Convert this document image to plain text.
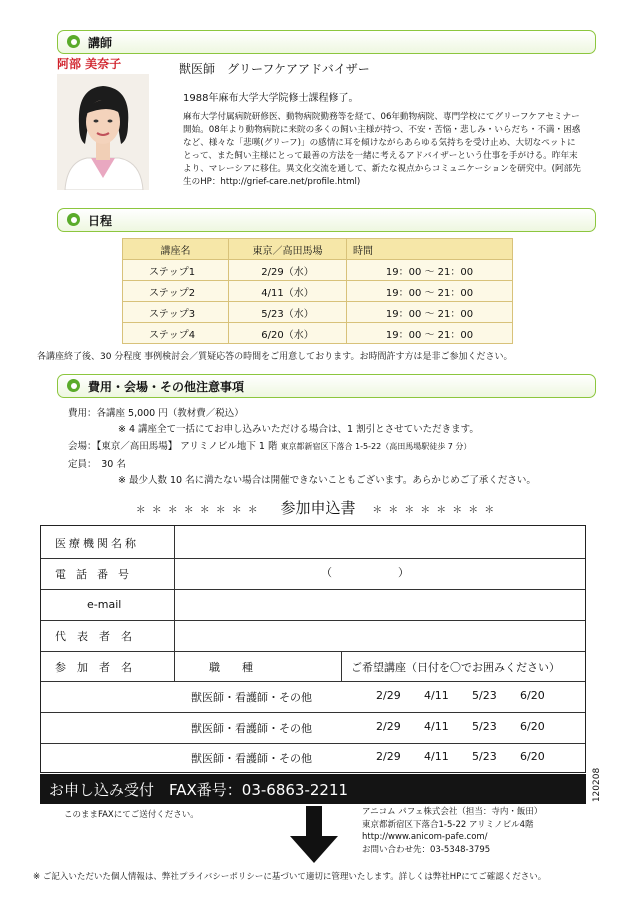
講師
阿部 美奈子	獣医師　グリーフケアアドバイザー
1988年麻布大学大学院修士課程修了。
麻布大学付属病院研修医、動物病院勤務等を経て、06年動物病院、専門学校にてグリーフケアセミナー開始。08年より動物病院に来院の多くの飼い主様が持つ、不安・苦悩・悲しみ・いらだち・不満・困惑など、様々な「悲嘆(グリーフ)」の感情に耳を傾けながらあらゆる気持ちを受け止め、大切なペットにとって、また飼い主様にとって最善の方法を一緒に考えるアドバイザーという仕事を手がける。昨年末より、マレーシアに移住。異文化交流を通して、新たな視点からコミュニケーションを研究中。(阿部先生のHP：http://grief-care.net/profile.html)
日程
講座名	東京／高田馬場	時間
ステップ1	2/29（水）	19：00 ～ 21：00
ステップ2	4/11（水）	19：00 ～ 21：00
ステップ3	5/23（水）	19：00 ～ 21：00
ステップ4	6/20（水）	19：00 ～ 21：00
各講座終了後、30 分程度 事例検討会／質疑応答の時間をご用意しております。お時間許す方は是非ご参加ください。
費用・会場・その他注意事項
費用：各講座 5,000 円（教材費／税込）
※ 4 講座全て一括にてお申し込みいただける場合は、1 割引とさせていただきます。
会場：【東京／高田馬場】 アリミノビル地下 1 階 東京都新宿区下落合 1-5-22（高田馬場駅徒歩 7 分）
定員：　30 名
※ 最少人数 10 名に満たない場合は開催できないこともございます。あらかじめご了承ください。
＊＊＊＊＊＊＊＊ 参加申込書 ＊＊＊＊＊＊＊＊
医療機関名称
電話番号	（　　　　　　）
e-mail
代表者名
参加者名	職　　種	ご希望講座（日付を〇でお囲みください）
獣医師・看護師・その他	2/29 4/11 5/23 6/20
獣医師・看護師・その他	2/29 4/11 5/23 6/20
獣医師・看護師・その他	2/29 4/11 5/23 6/20
お申し込み受付　FAX番号：03-6863-2211	120208
このままFAXにてご送付ください。	アニコム パフェ株式会社（担当：寺内・飯田）
東京都新宿区下落合1-5-22 アリミノビル4階
http://www.anicom-pafe.com/
お問い合わせ先：03-5348-3795
※ ご記入いただいた個人情報は、弊社プライバシーポリシーに基づいて適切に管理いたします。詳しくは弊社HPにてご確認ください。
